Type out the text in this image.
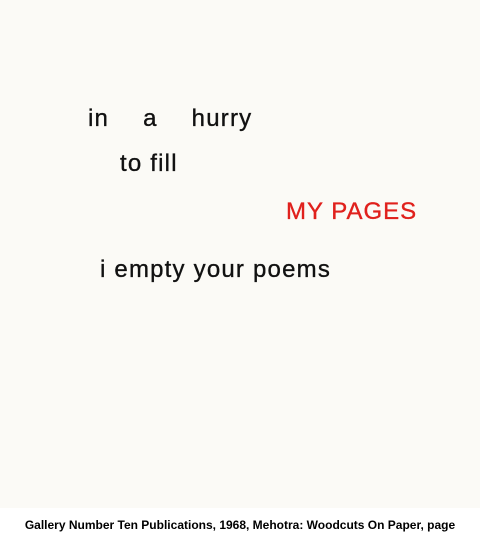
in a hurry
to fill
MY PAGES
i empty your poems
Gallery Number Ten Publications, 1968, Mehotra: Woodcuts On Paper, page
